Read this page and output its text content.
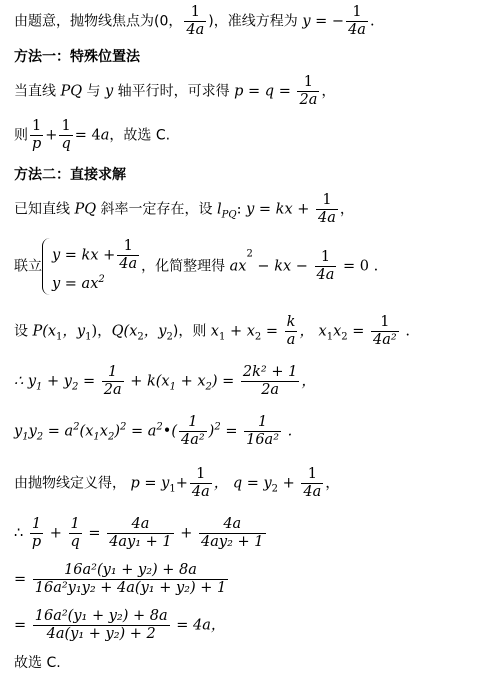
由题意，抛物线焦点为(0， $\frac{1}{4a}$ )，准线方程为 y = − $\frac{1}{4a}$ .
方法一：特殊位置法
当直线 PQ 与 y 轴平行时，可求得 $p = q = \frac{1}{2a}$ ，
则 $\frac{1}{p} + \frac{1}{q} = 4a$，故选 C.
方法二：直接求解
已知直线 PQ 斜率一定存在，设 $l_{PQ}$: y = kx + $\frac{1}{4a}$ ，
联立
y = kx + $\frac{1}{4a}$
$y = ax^2$
，化简整理得 $ax^2$ − kx − $\frac{1}{4a} = 0$ .
设 $P(x_1$，$y_1$)，$Q(x_2$，$y_2$)，则 $x_1 + x_2 = \frac{k}{a}$ ， $x_1x_2 = \frac{1}{\text{4a²}}$ .
∴ $y_1 + y_2 = \frac{1}{2a} + k(x_1 + x_2) = \frac{\text{2k² + 1}}{2a}$ ，
$y_1y_2 = a^2(x_1x_2)^2$ = $a^2•( \frac{1}{\text{4a²}} )^2 = \frac{1}{\text{16a²}}$ .
由抛物线定义得， $p = y_1+ \frac{1}{4a}$ ， $q = y_2 + \frac{1}{4a}$ ，
∴ $\frac{1}{p} + \frac{1}{q} = \frac{4a}{\text{4ay₁ + 1}} + \frac{4a}{\text{4ay₂ + 1}}$
= $\frac{\text{16a²(y₁ + y₂) + 8a}}{\text{16a²y₁y₂ + 4a(y₁ + y₂) + 1}}$
= $\frac{\text{16a²(y₁ + y₂) + 8a}}{\text{4a(y₁ + y₂) + 2}} = 4a$，
故选 C.
